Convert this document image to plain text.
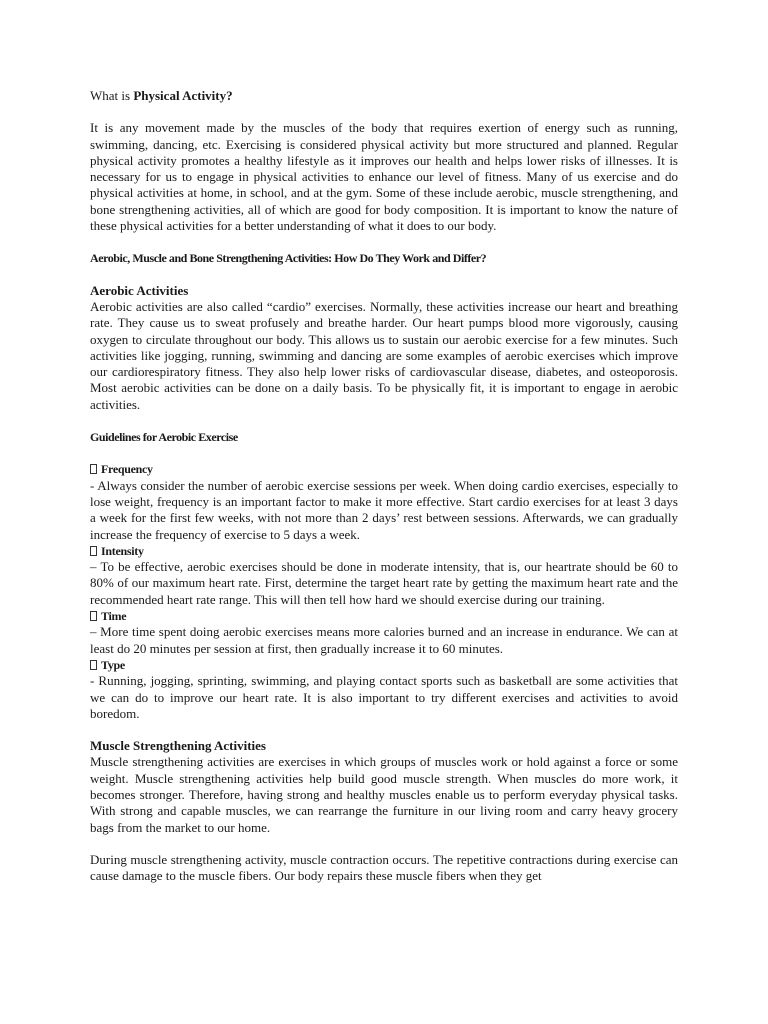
What is Physical Activity?

It is any movement made by the muscles of the body that requires exertion of energy such as running, swimming, dancing, etc. Exercising is considered physical activity but more structured and planned. Regular physical activity promotes a healthy lifestyle as it improves our health and helps lower risks of illnesses. It is necessary for us to engage in physical activities to enhance our level of fitness. Many of us exercise and do physical activities at home, in school, and at the gym. Some of these include aerobic, muscle strengthening, and bone strengthening activities, all of which are good for body composition. It is important to know the nature of these physical activities for a better understanding of what it does to our body.

Aerobic, Muscle and Bone Strengthening Activities: How Do They Work and Differ?

Aerobic Activities

Aerobic activities are also called “cardio” exercises. Normally, these activities increase our heart and breathing rate. They cause us to sweat profusely and breathe harder. Our heart pumps blood more vigorously, causing oxygen to circulate throughout our body. This allows us to sustain our aerobic exercise for a few minutes. Such activities like jogging, running, swimming and dancing are some examples of aerobic exercises which improve our cardiorespiratory fitness. They also help lower risks of cardiovascular disease, diabetes, and osteoporosis. Most aerobic activities can be done on a daily basis. To be physically fit, it is important to engage in aerobic activities.

Guidelines for Aerobic Exercise

Frequency

- Always consider the number of aerobic exercise sessions per week. When doing cardio exercises, especially to lose weight, frequency is an important factor to make it more effective. Start cardio exercises for at least 3 days a week for the first few weeks, with not more than 2 days’ rest between sessions. Afterwards, we can gradually increase the frequency of exercise to 5 days a week.

Intensity

– To be effective, aerobic exercises should be done in moderate intensity, that is, our heartrate should be 60 to 80% of our maximum heart rate. First, determine the target heart rate by getting the maximum heart rate and the recommended heart rate range. This will then tell how hard we should exercise during our training.

Time

– More time spent doing aerobic exercises means more calories burned and an increase in endurance. We can at least do 20 minutes per session at first, then gradually increase it to 60 minutes.

Type

- Running, jogging, sprinting, swimming, and playing contact sports such as basketball are some activities that we can do to improve our heart rate. It is also important to try different exercises and activities to avoid boredom.

Muscle Strengthening Activities

Muscle strengthening activities are exercises in which groups of muscles work or hold against a force or some weight. Muscle strengthening activities help build good muscle strength. When muscles do more work, it becomes stronger. Therefore, having strong and healthy muscles enable us to perform everyday physical tasks. With strong and capable muscles, we can rearrange the furniture in our living room and carry heavy grocery bags from the market to our home.

During muscle strengthening activity, muscle contraction occurs. The repetitive contractions during exercise can cause damage to the muscle fibers. Our body repairs these muscle fibers when they get
